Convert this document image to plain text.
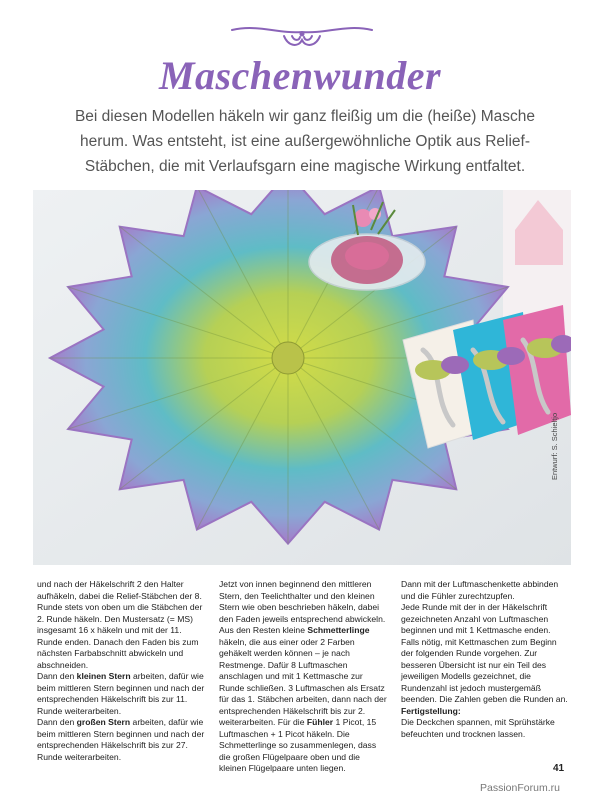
Maschenwunder
Bei diesen Modellen häkeln wir ganz fleißig um die (heiße) Masche herum. Was entsteht, ist eine außergewöhnliche Optik aus Relief-Stäbchen, die mit Verlaufsgarn eine magische Wirkung entfaltet.
Entwurf: S. Schieltjo

und nach der Häkelschrift 2 den Halter aufhäkeln, dabei die Relief-Stäbchen der 8. Runde stets von oben um die Stäbchen der 2. Runde häkeln. Den Mustersatz (= MS) insgesamt 16 x häkeln und mit der 11. Runde enden. Danach den Faden bis zum nächsten Farbabschnitt abwickeln und abschneiden.

Dann den kleinen Stern arbeiten, dafür wie beim mittleren Stern beginnen und nach der entsprechenden Häkelschrift bis zur 11. Runde weiterarbeiten.

Dann den großen Stern arbeiten, dafür wie beim mittleren Stern beginnen und nach der entsprechenden Häkelschrift bis zur 27. Runde weiterarbeiten.

Jetzt von innen beginnend den mittleren Stern, den Teelichthalter und den kleinen Stern wie oben beschrieben häkeln, dabei den Faden jeweils entsprechend abwickeln.

Aus den Resten kleine Schmetterlinge häkeln, die aus einer oder 2 Farben gehäkelt werden können – je nach Restmenge. Dafür 8 Luftmaschen anschlagen und mit 1 Kettmasche zur Runde schließen. 3 Luftmaschen als Ersatz für das 1. Stäbchen arbeiten, dann nach der entsprechenden Häkelschrift bis zur 2. weiterarbeiten. Für die Fühler 1 Picot, 15 Luftmaschen + 1 Picot häkeln. Die Schmetterlinge so zusammenlegen, dass die großen Flügelpaare oben und die kleinen Flügelpaare unten liegen.

Dann mit der Luftmaschenkette abbinden und die Fühler zurechtzupfen.

Jede Runde mit der in der Häkelschrift gezeichneten Anzahl von Luftmaschen beginnen und mit 1 Kettmasche enden. Falls nötig, mit Kettmaschen zum Beginn der folgenden Runde vorgehen. Zur besseren Übersicht ist nur ein Teil des jeweiligen Modells gezeichnet, die Rundenzahl ist jedoch mustergemäß beenden. Die Zahlen geben die Runden an.

Fertigstellung:

Die Deckchen spannen, mit Sprühstärke befeuchten und trocknen lassen.

41
PassionForum.ru
